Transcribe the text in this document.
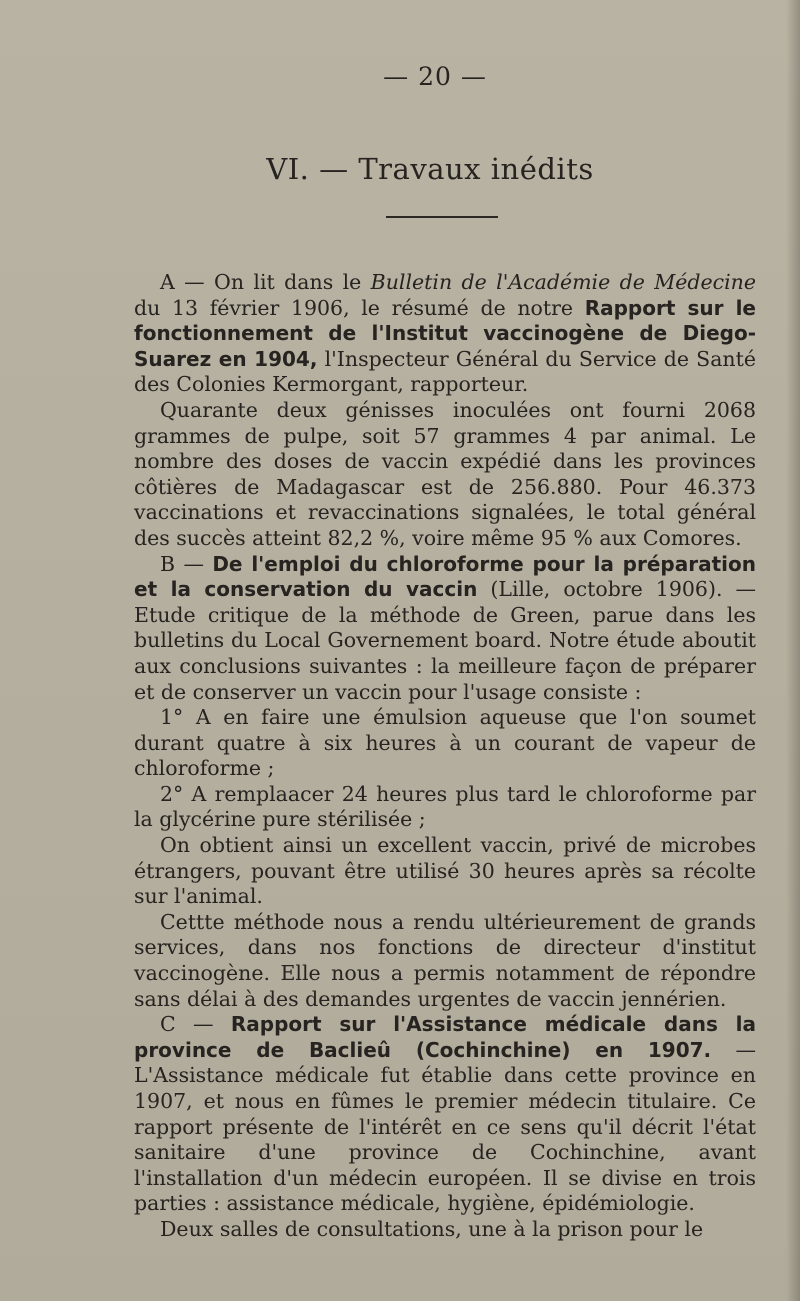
— 20 —
VI. — Travaux inédits

A — On lit dans le Bulletin de l'Académie de Médecine du 13 février 1906, le résumé de notre Rapport sur le fonctionnement de l'Institut vaccinogène de Diego-Suarez en 1904, l'Inspecteur Général du Service de Santé des Colonies Kermorgant, rapporteur.

Quarante deux génisses inoculées ont fourni 2068 grammes de pulpe, soit 57 grammes 4 par animal. Le nombre des doses de vaccin expédié dans les provinces côtières de Madagascar est de 256.880. Pour 46.373 vaccinations et revaccinations signalées, le total général des succès atteint 82,2 %, voire même 95 % aux Comores.

B — De l'emploi du chloroforme pour la préparation et la conservation du vaccin (Lille, octobre 1906). — Etude critique de la méthode de Green, parue dans les bulletins du Local Governement board. Notre étude aboutit aux conclusions suivantes : la meilleure façon de préparer et de conserver un vaccin pour l'usage consiste :

1° A en faire une émulsion aqueuse que l'on soumet durant quatre à six heures à un courant de vapeur de chloroforme ;

2° A remplaacer 24 heures plus tard le chloroforme par la glycérine pure stérilisée ;

On obtient ainsi un excellent vaccin, privé de microbes étrangers, pouvant être utilisé 30 heures après sa récolte sur l'animal.

Cettte méthode nous a rendu ultérieurement de grands services, dans nos fonctions de directeur d'institut vaccinogène. Elle nous a permis notamment de répondre sans délai à des demandes urgentes de vaccin jennérien.

C — Rapport sur l'Assistance médicale dans la province de Baclieû (Cochinchine) en 1907. — L'Assistance médicale fut établie dans cette province en 1907, et nous en fûmes le premier médecin titulaire. Ce rapport présente de l'intérêt en ce sens qu'il décrit l'état sanitaire d'une province de Cochinchine, avant l'installation d'un médecin européen. Il se divise en trois parties : assistance médicale, hygiène, épidémiologie.

Deux salles de consultations, une à la prison pour le
